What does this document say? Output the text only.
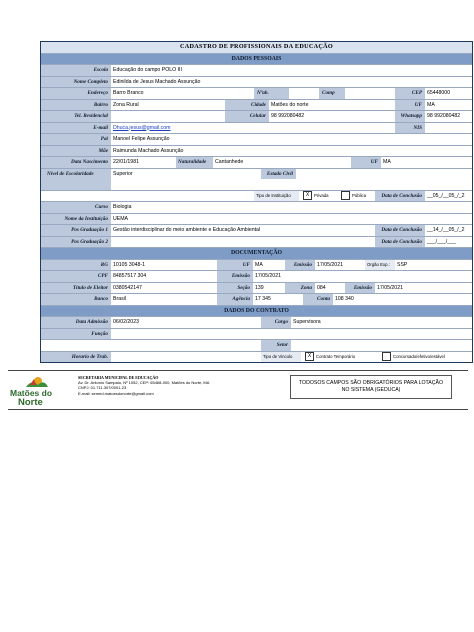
CADASTRO DE PROFISSIONAIS DA EDUCAÇÃO
DADOS PESSOAIS
Escola Educação do campo POLO III
Nome Completo Edinilda de Jesus Machado Assunção
Endereço Barro Branco	Nºab.	Comp	CEP 65448000
Bairro Zona Rural	Cidade Matões do norte	UF MA
Tel. Residencial	Celular 98 992080482	Whatsapp 98 992080482
E-mail Dhuca.jesus@gmail.com	NIS
Pai Manoel Felipe Assunção
Mãe Raimunda Machado Assunção
Data Nascimento 22/01/1981	Naturalidade	Cantanhede	UF MA
Nível de Escolaridade	Superior	Estado Civil
Tipo de Instituição	X Privada	Pública	Data de Conclusão __05_/__05_/_2
Curso Biologia
Nome da Instituição UEMA
Pos Graduação 1 Gestão interdisciplinar do meio ambiente e Educação Ambiental	Data de Conclusão __14_/__05_/_2
Pos Graduação 2	Data de Conclusão ___/___/___
DOCUMENTAÇÃO
RG 10105 3048-1	UF MA	Emissão 17/05/2021	Orgão Exp.:	SSP
CPF 84857517 304	Emissão 17/05/2021
Título de Eleitor 0380542147	Seção 139	Zona 084	Emissão 17/05/2021
Banco Brasil	Agência 17 345	Conta 108 340
DADOS DO CONTRATO
Data Admissão 06/02/2023	Cargo Supervisora
Função
Setor
Horario de Trab.	Tipo de Vinculo	X Contrato Temporário	Concursado/efetivo/estável
Matões do
Norte
SECRETARIA MUNICIPAL DE EDUCAÇÃO
Av. Dr. Antonio Sampaio, Nº 1052, CEP: 65468-000, Matões do Norte, MA
CNPJ: 01.711.307/0001-23
E-mail: semed.matoesdonorte@gmail.com
TODOSOS CAMPOS SÃO OBRIGATÓRIOS PARA LOTAÇÃO NO SISTEMA (GEDUCA)
